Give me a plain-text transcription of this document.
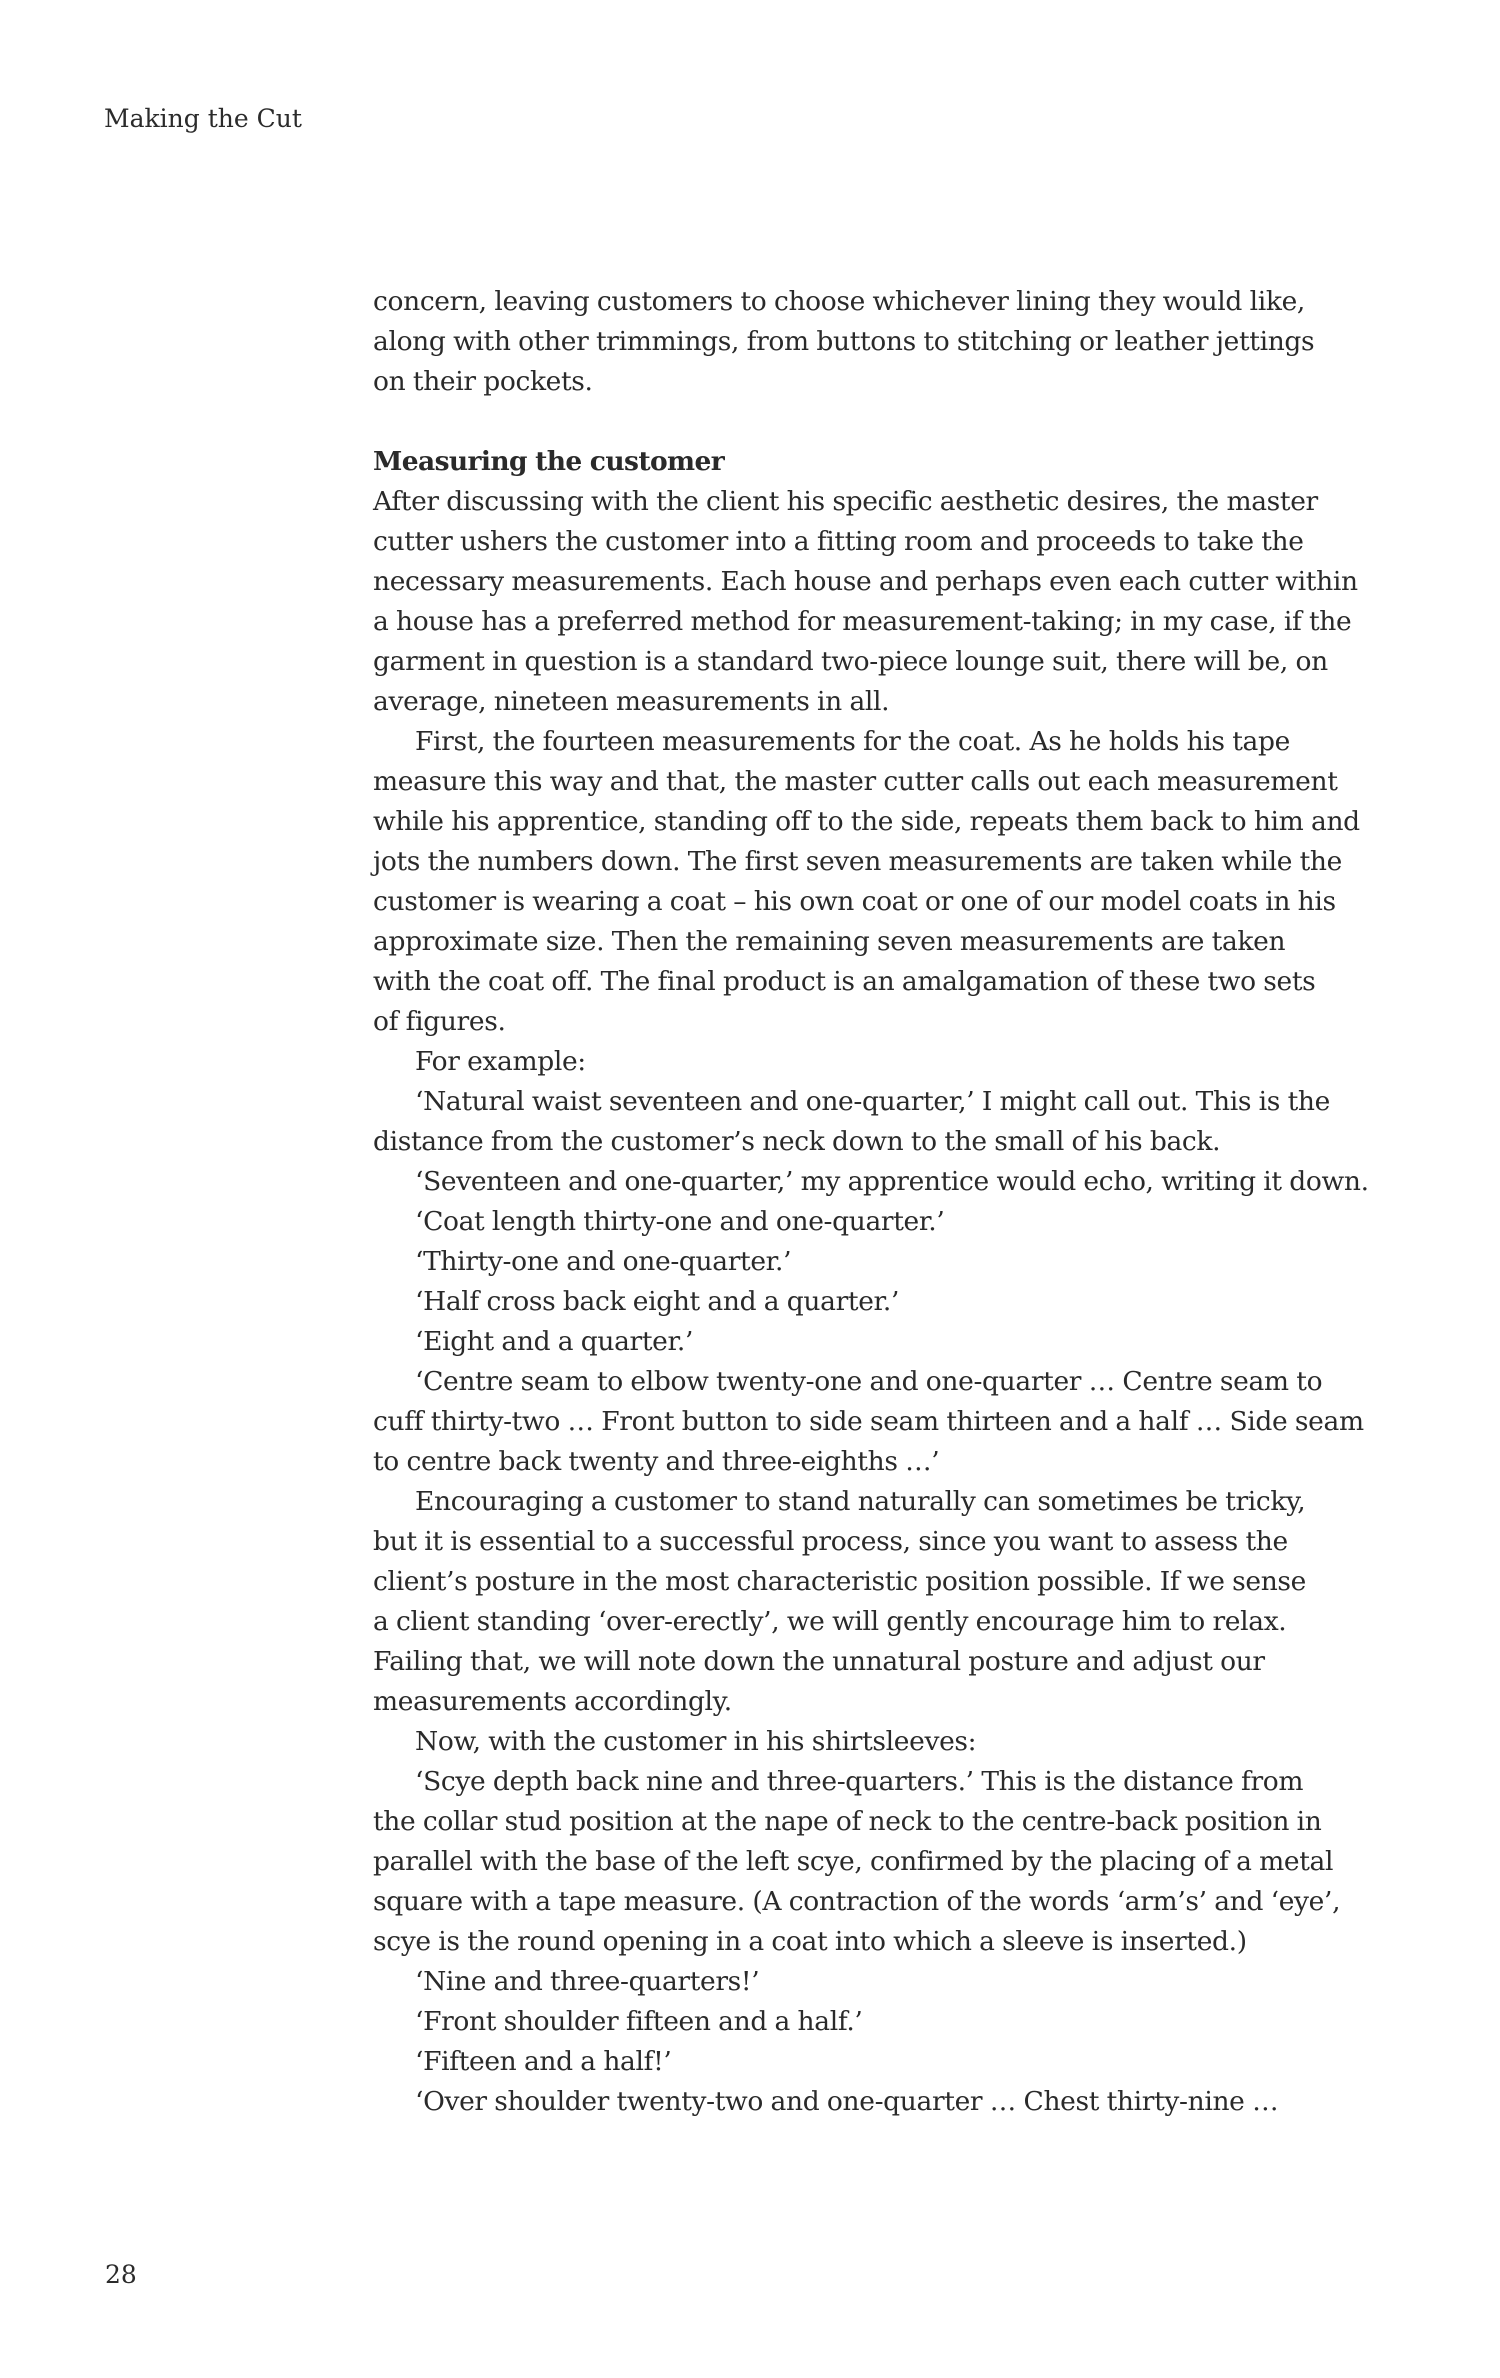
Making the Cut
concern, leaving customers to choose whichever lining they would like,
along with other trimmings, from buttons to stitching or leather jettings
on their pockets.
Measuring the customer
After discussing with the client his specific aesthetic desires, the master
cutter ushers the customer into a fitting room and proceeds to take the
necessary measurements. Each house and perhaps even each cutter within
a house has a preferred method for measurement-taking; in my case, if the
garment in question is a standard two-piece lounge suit, there will be, on
average, nineteen measurements in all.
First, the fourteen measurements for the coat. As he holds his tape
measure this way and that, the master cutter calls out each measurement
while his apprentice, standing off to the side, repeats them back to him and
jots the numbers down. The first seven measurements are taken while the
customer is wearing a coat – his own coat or one of our model coats in his
approximate size. Then the remaining seven measurements are taken
with the coat off. The final product is an amalgamation of these two sets
of figures.
For example:
‘Natural waist seventeen and one-quarter,’ I might call out. This is the
distance from the customer’s neck down to the small of his back.
‘Seventeen and one-quarter,’ my apprentice would echo, writing it down.
‘Coat length thirty-one and one-quarter.’
‘Thirty-one and one-quarter.’
‘Half cross back eight and a quarter.’
‘Eight and a quarter.’
‘Centre seam to elbow twenty-one and one-quarter … Centre seam to
cuff thirty-two … Front button to side seam thirteen and a half … Side seam
to centre back twenty and three-eighths …’
Encouraging a customer to stand naturally can sometimes be tricky,
but it is essential to a successful process, since you want to assess the
client’s posture in the most characteristic position possible. If we sense
a client standing ‘over-erectly’, we will gently encourage him to relax.
Failing that, we will note down the unnatural posture and adjust our
measurements accordingly.
Now, with the customer in his shirtsleeves:
‘Scye depth back nine and three-quarters.’ This is the distance from
the collar stud position at the nape of neck to the centre-back position in
parallel with the base of the left scye, confirmed by the placing of a metal
square with a tape measure. (A contraction of the words ‘arm’s’ and ‘eye’,
scye is the round opening in a coat into which a sleeve is inserted.)
‘Nine and three-quarters!’
‘Front shoulder fifteen and a half.’
‘Fifteen and a half!’
‘Over shoulder twenty-two and one-quarter … Chest thirty-nine …
28
